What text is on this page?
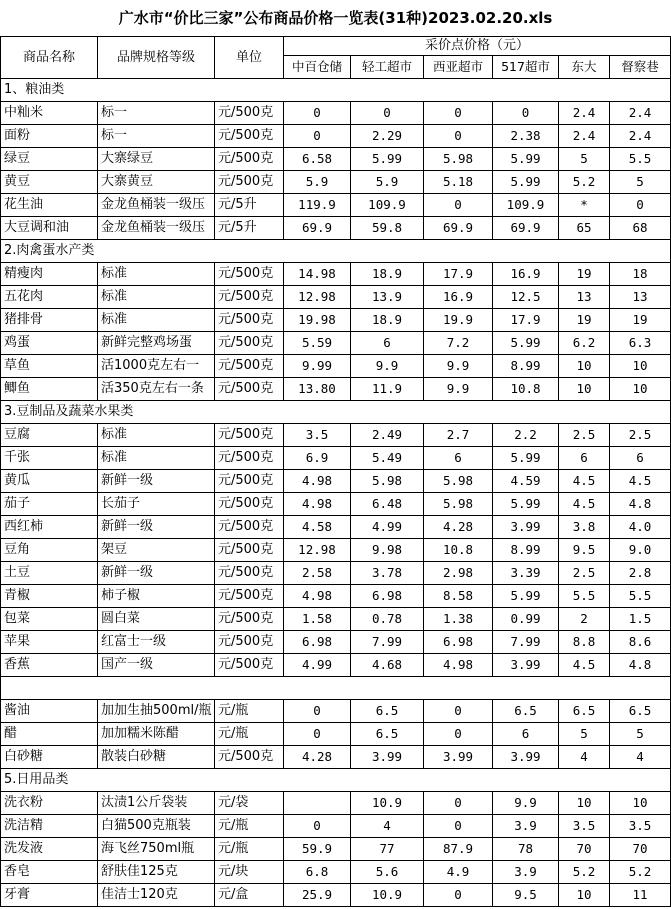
广水市“价比三家”公布商品价格一览表(31种)2023.02.20.xls								
商品名称	品牌规格等级	单位	采价点价格（元）					
			中百仓储	轻工超市	西亚超市	517超市	东大	督察巷
1、粮油类								
中籼米	标一	元/500克	0	0	0	0	2.4	2.4
面粉	标一	元/500克	0	2.29	0	2.38	2.4	2.4
绿豆	大寨绿豆	元/500克	6.58	5.99	5.98	5.99	5	5.5
黄豆	大寨黄豆	元/500克	5.9	5.9	5.18	5.99	5.2	5
花生油	金龙鱼桶装一级压	元/5升	119.9	109.9	0	109.9	*	0
大豆调和油	金龙鱼桶装一级压	元/5升	69.9	59.8	69.9	69.9	65	68
2.肉禽蛋水产类								
精瘦肉	标准	元/500克	14.98	18.9	17.9	16.9	19	18
五花肉	标准	元/500克	12.98	13.9	16.9	12.5	13	13
猪排骨	标准	元/500克	19.98	18.9	19.9	17.9	19	19
鸡蛋	新鲜完整鸡场蛋	元/500克	5.59	6	7.2	5.99	6.2	6.3
草鱼	活1000克左右一	元/500克	9.99	9.9	9.9	8.99	10	10
鲫鱼	活350克左右一条	元/500克	13.80	11.9	9.9	10.8	10	10
3.豆制品及蔬菜水果类								
豆腐	标准	元/500克	3.5	2.49	2.7	2.2	2.5	2.5
千张	标准	元/500克	6.9	5.49	6	5.99	6	6
黄瓜	新鲜一级	元/500克	4.98	5.98	5.98	4.59	4.5	4.5
茄子	长茄子	元/500克	4.98	6.48	5.98	5.99	4.5	4.8
西红柿	新鲜一级	元/500克	4.58	4.99	4.28	3.99	3.8	4.0
豆角	架豆	元/500克	12.98	9.98	10.8	8.99	9.5	9.0
土豆	新鲜一级	元/500克	2.58	3.78	2.98	3.39	2.5	2.8
青椒	柿子椒	元/500克	4.98	6.98	8.58	5.99	5.5	5.5
包菜	圆白菜	元/500克	1.58	0.78	1.38	0.99	2	1.5
苹果	红富士一级	元/500克	6.98	7.99	6.98	7.99	8.8	8.6
香蕉	国产一级	元/500克	4.99	4.68	4.98	3.99	4.5	4.8

酱油	加加生抽500ml/瓶	元/瓶	0	6.5	0	6.5	6.5	6.5
醋	加加糯米陈醋	元/瓶	0	6.5	0	6	5	5
白砂糖	散装白砂糖	元/500克	4.28	3.99	3.99	3.99	4	4
5.日用品类								
洗衣粉	汰渍1公斤袋装	元/袋		10.9	0	9.9	10	10
洗洁精	白猫500克瓶装	元/瓶	0	4	0	3.9	3.5	3.5
洗发液	海飞丝750ml瓶	元/瓶	59.9	77	87.9	78	70	70
香皂	舒肤佳125克	元/块	6.8	5.6	4.9	3.9	5.2	5.2
牙膏	佳洁士120克	元/盒	25.9	10.9	0	9.5	10	11
